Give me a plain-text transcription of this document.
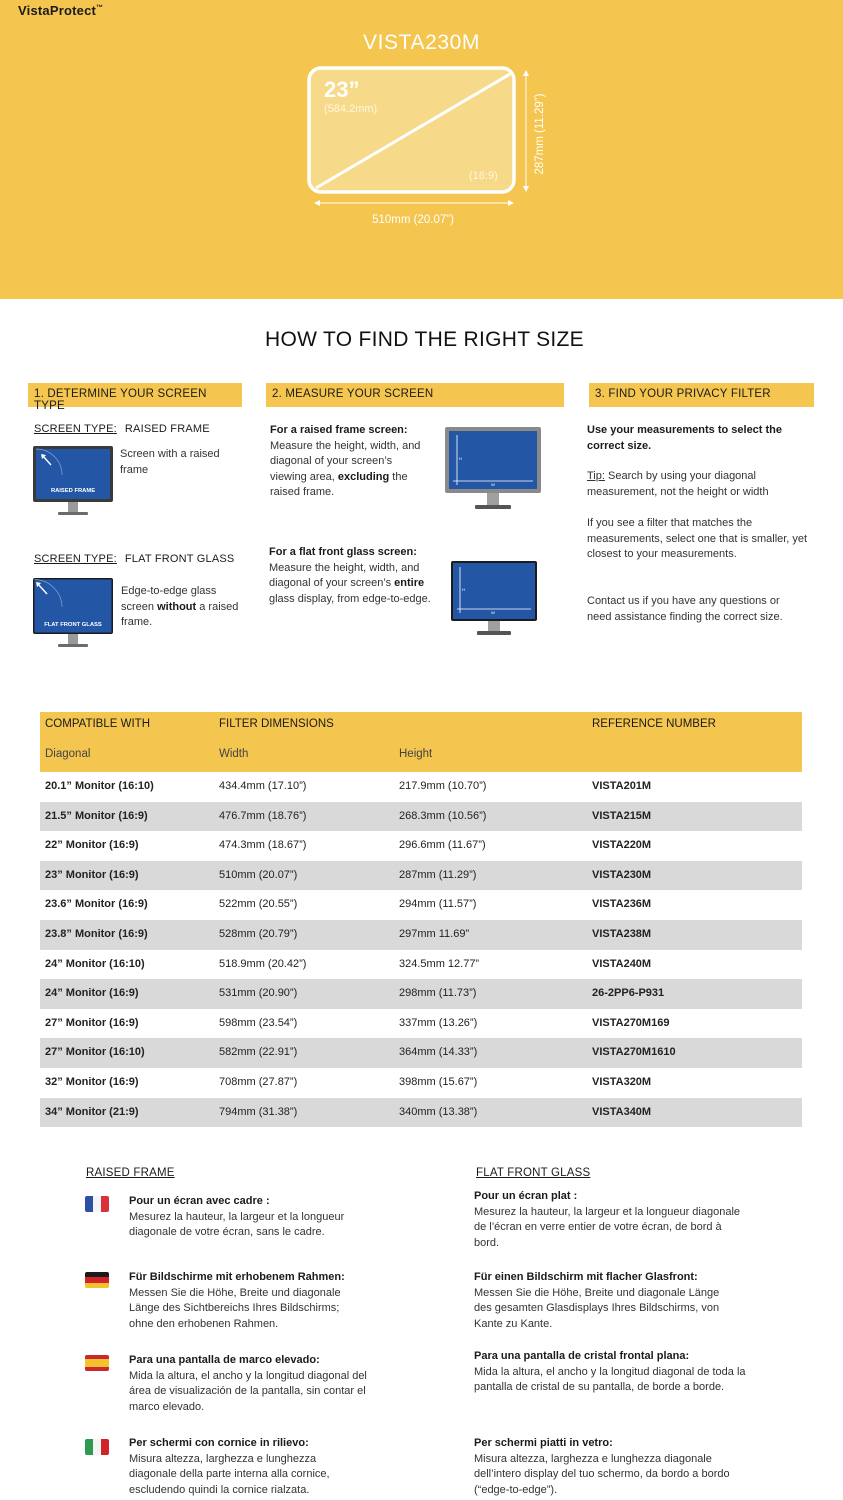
VistaProtect™
VISTA230M
23”
(584.2mm)
(16:9)
510mm (20.07”)
287mm (11.29”)
HOW TO FIND THE RIGHT SIZE
1. DETERMINE YOUR SCREEN TYPE
2. MEASURE YOUR SCREEN	3. FIND YOUR PRIVACY FILTER
SCREEN TYPE: RAISED FRAME
RAISED FRAME
Screen with a raised frame
SCREEN TYPE: FLAT FRONT GLASS
FLAT FRONT GLASS
Edge-to-edge glass screen without a raised frame.
For a raised frame screen:
Measure the height, width, and diagonal of your screen’s viewing area, excluding the raised frame.
W
H
For a flat front glass screen:
Measure the height, width, and diagonal of your screen’s entire glass display, from edge-to-edge.
W
H
Use your measurements to select the correct size.
Tip: Search by using your diagonal measurement, not the height or width
If you see a filter that matches the measurements, select one that is smaller, yet closest to your measurements.
Contact us if you have any questions or need assistance finding the correct size.
COMPATIBLE WITH	FILTER DIMENSIONS	REFERENCE NUMBER
Diagonal	Width	Height
20.1” Monitor (16:10)	434.4mm (17.10”)	217.9mm (10.70”)	VISTA201M
21.5” Monitor (16:9)	476.7mm (18.76”)	268.3mm (10.56”)	VISTA215M
22” Monitor (16:9)	474.3mm (18.67”)	296.6mm (11.67”)	VISTA220M
23” Monitor (16:9)	510mm (20.07”)	287mm (11.29”)	VISTA230M
23.6” Monitor (16:9)	522mm (20.55”)	294mm (11.57”)	VISTA236M
23.8” Monitor (16:9)	528mm (20.79”)	297mm 11.69”	VISTA238M
24” Monitor (16:10)	518.9mm (20.42”)	324.5mm 12.77”	VISTA240M
24” Monitor (16:9)	531mm (20.90”)	298mm (11.73”)	26-2PP6-P931
27” Monitor (16:9)	598mm (23.54”)	337mm (13.26”)	VISTA270M169
27” Monitor (16:10)	582mm (22.91”)	364mm (14.33”)	VISTA270M1610
32” Monitor (16:9)	708mm (27.87”)	398mm (15.67”)	VISTA320M
34” Monitor (21:9)	794mm (31.38”)	340mm (13.38”)	VISTA340M
RAISED FRAME	FLAT FRONT GLASS
Pour un écran avec cadre :
Mesurez la hauteur, la largeur et la longueur diagonale de votre écran, sans le cadre.
Pour un écran plat :
Mesurez la hauteur, la largeur et la longueur diagonale de l’écran en verre entier de votre écran, de bord à bord.
Für Bildschirme mit erhobenem Rahmen:
Messen Sie die Höhe, Breite und diagonale Länge des Sichtbereichs Ihres Bildschirms; ohne den erhobenen Rahmen.
Für einen Bildschirm mit flacher Glasfront:
Messen Sie die Höhe, Breite und diagonale Länge des gesamten Glasdisplays Ihres Bildschirms, von Kante zu Kante.
Para una pantalla de marco elevado:
Mida la altura, el ancho y la longitud diagonal del área de visualización de la pantalla, sin contar el marco elevado.
Para una pantalla de cristal frontal plana:
Mida la altura, el ancho y la longitud diagonal de toda la pantalla de cristal de su pantalla, de borde a borde.
Per schermi con cornice in rilievo:
Misura altezza, larghezza e lunghezza diagonale della parte interna alla cornice, escludendo quindi la cornice rialzata.
Per schermi piatti in vetro:
Misura altezza, larghezza e lunghezza diagonale dell’intero display del tuo schermo, da bordo a bordo (“edge-to-edge”).
